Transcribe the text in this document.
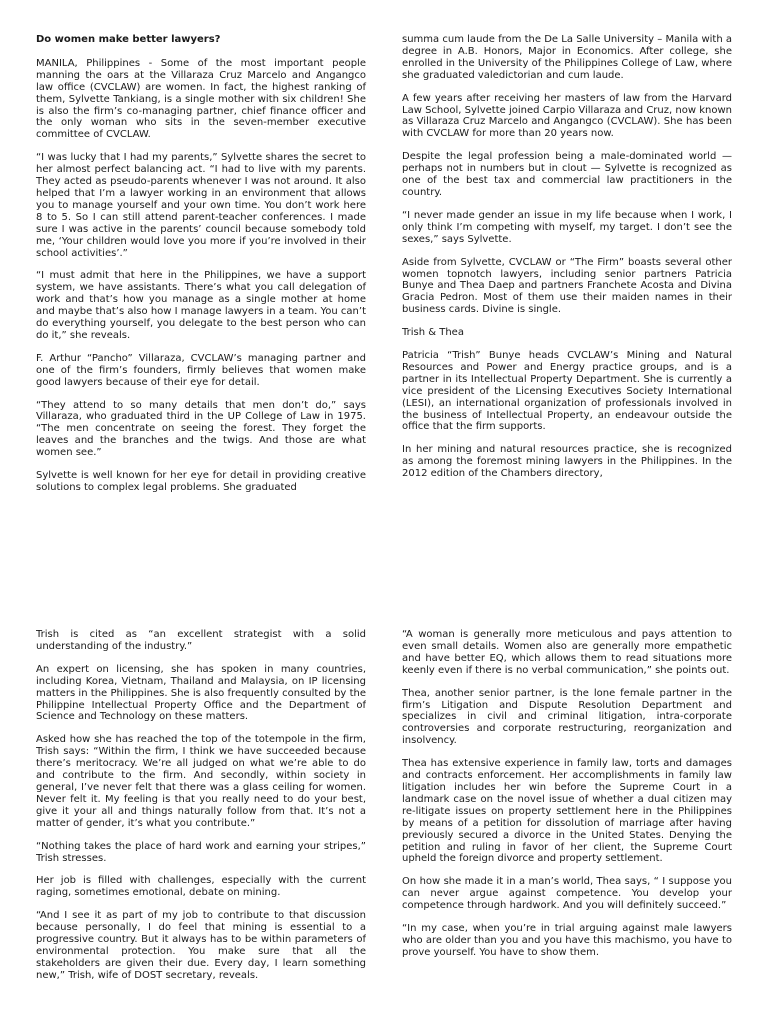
Do women make better lawyers?

MANILA, Philippines - Some of the most important people manning the oars at the Villaraza Cruz Marcelo and Angangco law office (CVCLAW) are women. In fact, the highest ranking of them, Sylvette Tankiang, is a single mother with six children! She is also the firm’s co-managing partner, chief finance officer and the only woman who sits in the seven-member executive committee of CVCLAW.

“I was lucky that I had my parents,” Sylvette shares the secret to her almost perfect balancing act. “I had to live with my parents. They acted as pseudo-parents whenever I was not around. It also helped that I’m a lawyer working in an environment that allows you to manage yourself and your own time. You don’t work here 8 to 5. So I can still attend parent-teacher conferences. I made sure I was active in the parents’ council because somebody told me, ‘Your children would love you more if you’re involved in their school activities’.”

“I must admit that here in the Philippines, we have a support system, we have assistants. There’s what you call delegation of work and that’s how you manage as a single mother at home and maybe that’s also how I manage lawyers in a team. You can’t do everything yourself, you delegate to the best person who can do it,” she reveals.

F. Arthur “Pancho” Villaraza, CVCLAW’s managing partner and one of the firm’s founders, firmly believes that women make good lawyers because of their eye for detail.

“They attend to so many details that men don’t do,” says Villaraza, who graduated third in the UP College of Law in 1975. “The men concentrate on seeing the forest. They forget the leaves and the branches and the twigs. And those are what women see.”

Sylvette is well known for her eye for detail in providing creative solutions to complex legal problems. She graduated

summa cum laude from the De La Salle University – Manila with a degree in A.B. Honors, Major in Economics. After college, she enrolled in the University of the Philippines College of Law, where she graduated valedictorian and cum laude.

A few years after receiving her masters of law from the Harvard Law School, Sylvette joined Carpio Villaraza and Cruz, now known as Villaraza Cruz Marcelo and Angangco (CVCLAW). She has been with CVCLAW for more than 20 years now.

Despite the legal profession being a male-dominated world — perhaps not in numbers but in clout — Sylvette is recognized as one of the best tax and commercial law practitioners in the country.

“I never made gender an issue in my life because when I work, I only think I’m competing with myself, my target. I don’t see the sexes,” says Sylvette.

Aside from Sylvette, CVCLAW or “The Firm” boasts several other women topnotch lawyers, including senior partners Patricia Bunye and Thea Daep and partners Franchete Acosta and Divina Gracia Pedron. Most of them use their maiden names in their business cards. Divine is single.

Trish & Thea

Patricia “Trish” Bunye heads CVCLAW’s Mining and Natural Resources and Power and Energy practice groups, and is a partner in its Intellectual Property Department. She is currently a vice president of the Licensing Executives Society International (LESI), an international organization of professionals involved in the business of Intellectual Property, an endeavour outside the office that the firm supports.

In her mining and natural resources practice, she is recognized as among the foremost mining lawyers in the Philippines. In the 2012 edition of the Chambers directory,

Trish is cited as “an excellent strategist with a solid understanding of the industry.”

An expert on licensing, she has spoken in many countries, including Korea, Vietnam, Thailand and Malaysia, on IP licensing matters in the Philippines. She is also frequently consulted by the Philippine Intellectual Property Office and the Department of Science and Technology on these matters.

Asked how she has reached the top of the totempole in the firm, Trish says: “Within the firm, I think we have succeeded because there’s meritocracy. We’re all judged on what we’re able to do and contribute to the firm. And secondly, within society in general, I’ve never felt that there was a glass ceiling for women. Never felt it. My feeling is that you really need to do your best, give it your all and things naturally follow from that. It’s not a matter of gender, it’s what you contribute.”

“Nothing takes the place of hard work and earning your stripes,” Trish stresses.

Her job is filled with challenges, especially with the current raging, sometimes emotional, debate on mining.

“And I see it as part of my job to contribute to that discussion because personally, I do feel that mining is essential to a progressive country. But it always has to be within parameters of environmental protection. You make sure that all the stakeholders are given their due. Every day, I learn something new,” Trish, wife of DOST secretary, reveals.

“A woman is generally more meticulous and pays attention to even small details. Women also are generally more empathetic and have better EQ, which allows them to read situations more keenly even if there is no verbal communication,” she points out.

Thea, another senior partner, is the lone female partner in the firm’s Litigation and Dispute Resolution Department and specializes in civil and criminal litigation, intra-corporate controversies and corporate restructuring, reorganization and insolvency.

Thea has extensive experience in family law, torts and damages and contracts enforcement. Her accomplishments in family law litigation includes her win before the Supreme Court in a landmark case on the novel issue of whether a dual citizen may re-litigate issues on property settlement here in the Philippines by means of a petition for dissolution of marriage after having previously secured a divorce in the United States. Denying the petition and ruling in favor of her client, the Supreme Court upheld the foreign divorce and property settlement.

On how she made it in a man’s world, Thea says, “ I suppose you can never argue against competence. You develop your competence through hardwork. And you will definitely succeed.”

“In my case, when you’re in trial arguing against male lawyers who are older than you and you have this machismo, you have to prove yourself. You have to show them.
